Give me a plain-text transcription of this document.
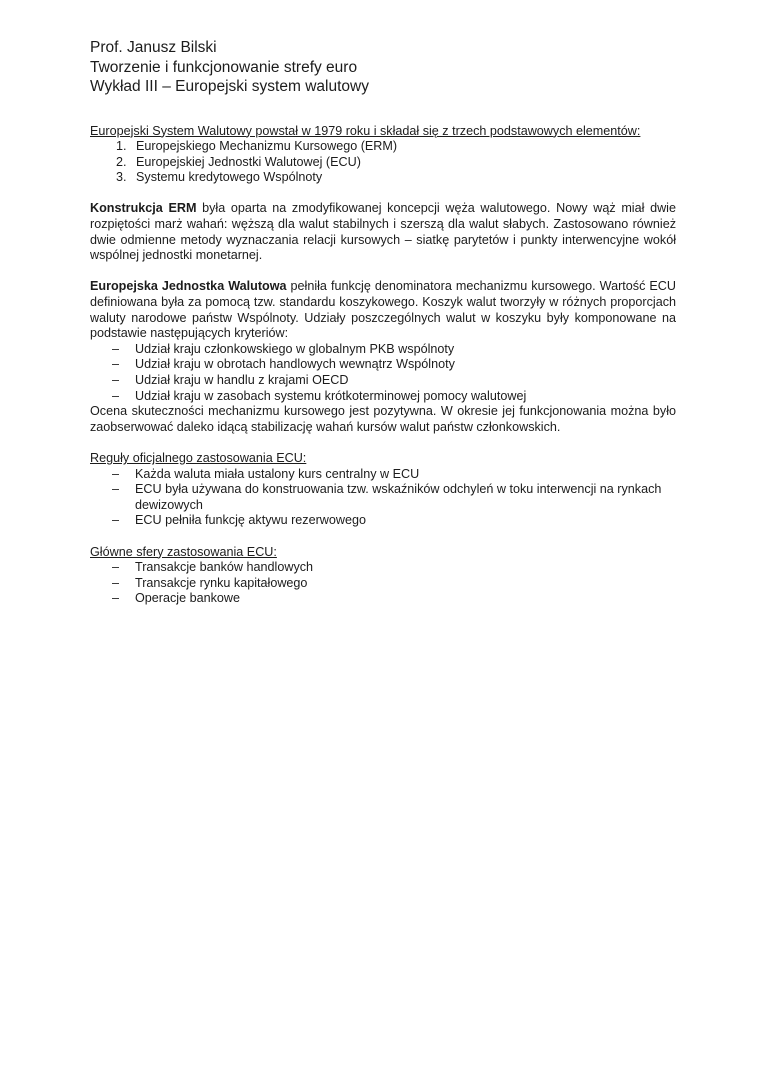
Prof. Janusz Bilski
Tworzenie i funkcjonowanie strefy euro
Wykład III – Europejski system walutowy

Europejski System Walutowy powstał w 1979 roku i składał się z trzech podstawowych elementów:

1. Europejskiego Mechanizmu Kursowego (ERM)
2. Europejskiej Jednostki Walutowej (ECU)
3. Systemu kredytowego Wspólnoty

Konstrukcja ERM była oparta na zmodyfikowanej koncepcji węża walutowego. Nowy wąż miał dwie rozpiętości marż wahań: węższą dla walut stabilnych i szerszą dla walut słabych. Zastosowano również dwie odmienne metody wyznaczania relacji kursowych – siatkę parytetów i punkty interwencyjne wokół wspólnej jednostki monetarnej.

Europejska Jednostka Walutowa pełniła funkcję denominatora mechanizmu kursowego. Wartość ECU definiowana była za pomocą tzw. standardu koszykowego. Koszyk walut tworzyły w różnych proporcjach waluty narodowe państw Wspólnoty. Udziały poszczególnych walut w koszyku były komponowane na podstawie następujących kryteriów:

–	Udział kraju członkowskiego w globalnym PKB wspólnoty
–	Udział kraju w obrotach handlowych wewnątrz Wspólnoty
–	Udział kraju w handlu z krajami OECD
–	Udział kraju w zasobach systemu krótkoterminowej pomocy walutowej

Ocena skuteczności mechanizmu kursowego jest pozytywna. W okresie jej funkcjonowania można było zaobserwować daleko idącą stabilizację wahań kursów walut państw członkowskich.

Reguły oficjalnego zastosowania ECU:

–	Każda waluta miała ustalony kurs centralny w ECU
–	ECU była używana do konstruowania tzw. wskaźników odchyleń w toku interwencji na rynkach dewizowych
–	ECU pełniła funkcję aktywu rezerwowego

Główne sfery zastosowania ECU:

–	Transakcje banków handlowych
–	Transakcje rynku kapitałowego
–	Operacje bankowe
